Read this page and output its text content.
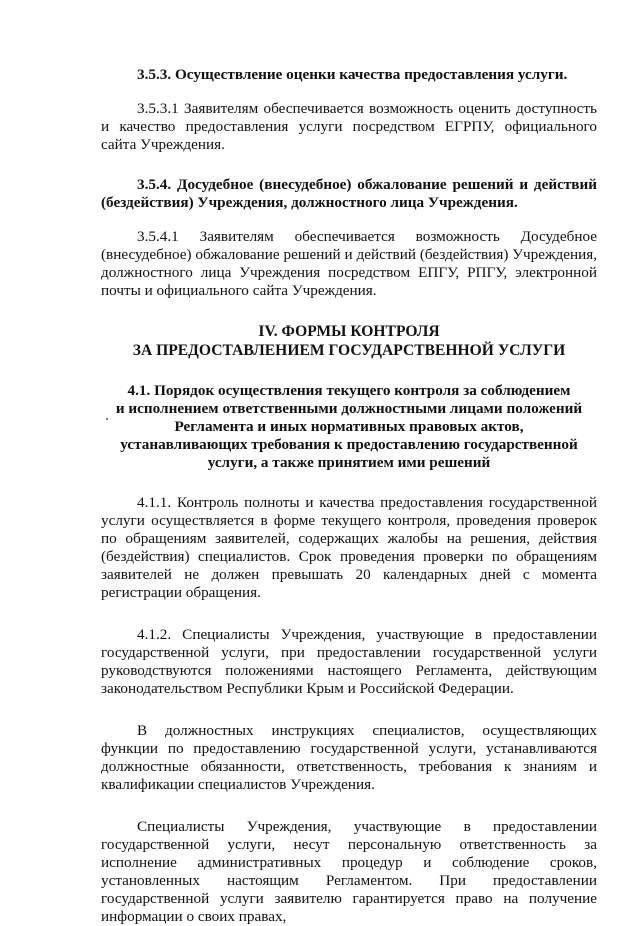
3.5.3. Осуществление оценки качества предоставления услуги.

3.5.3.1 Заявителям обеспечивается возможность оценить доступность и качество предоставления услуги посредством ЕГРПУ, официального сайта Учреждения.

3.5.4. Досудебное (внесудебное) обжалование решений и действий (бездействия) Учреждения, должностного лица Учреждения.

3.5.4.1 Заявителям обеспечивается возможность Досудебное (внесудебное) обжалование решений и действий (бездействия) Учреждения, должностного лица Учреждения посредством ЕПГУ, РПГУ, электронной почты и официального сайта Учреждения.

IV. ФОРМЫ КОНТРОЛЯ
ЗА ПРЕДОСТАВЛЕНИЕМ ГОСУДАРСТВЕННОЙ УСЛУГИ
4.1. Порядок осуществления текущего контроля за соблюдением
и исполнением ответственными должностными лицами положений
Регламента и иных нормативных правовых актов,
устанавливающих требования к предоставлению государственной
услуги, а также принятием ими решений

4.1.1. Контроль полноты и качества предоставления государственной услуги осуществляется в форме текущего контроля, проведения проверок по обращениям заявителей, содержащих жалобы на решения, действия (бездействия) специалистов. Срок проведения проверки по обращениям заявителей не должен превышать 20 календарных дней с момента регистрации обращения.

4.1.2. Специалисты Учреждения, участвующие в предоставлении государственной услуги, при предоставлении государственной услуги руководствуются положениями настоящего Регламента, действующим законодательством Республики Крым и Российской Федерации.

В должностных инструкциях специалистов, осуществляющих функции по предоставлению государственной услуги, устанавливаются должностные обязанности, ответственность, требования к знаниям и квалификации специалистов Учреждения.

Специалисты Учреждения, участвующие в предоставлении государственной услуги, несут персональную ответственность за исполнение административных процедур и соблюдение сроков, установленных настоящим Регламентом. При предоставлении государственной услуги заявителю гарантируется право на получение информации о своих правах,
